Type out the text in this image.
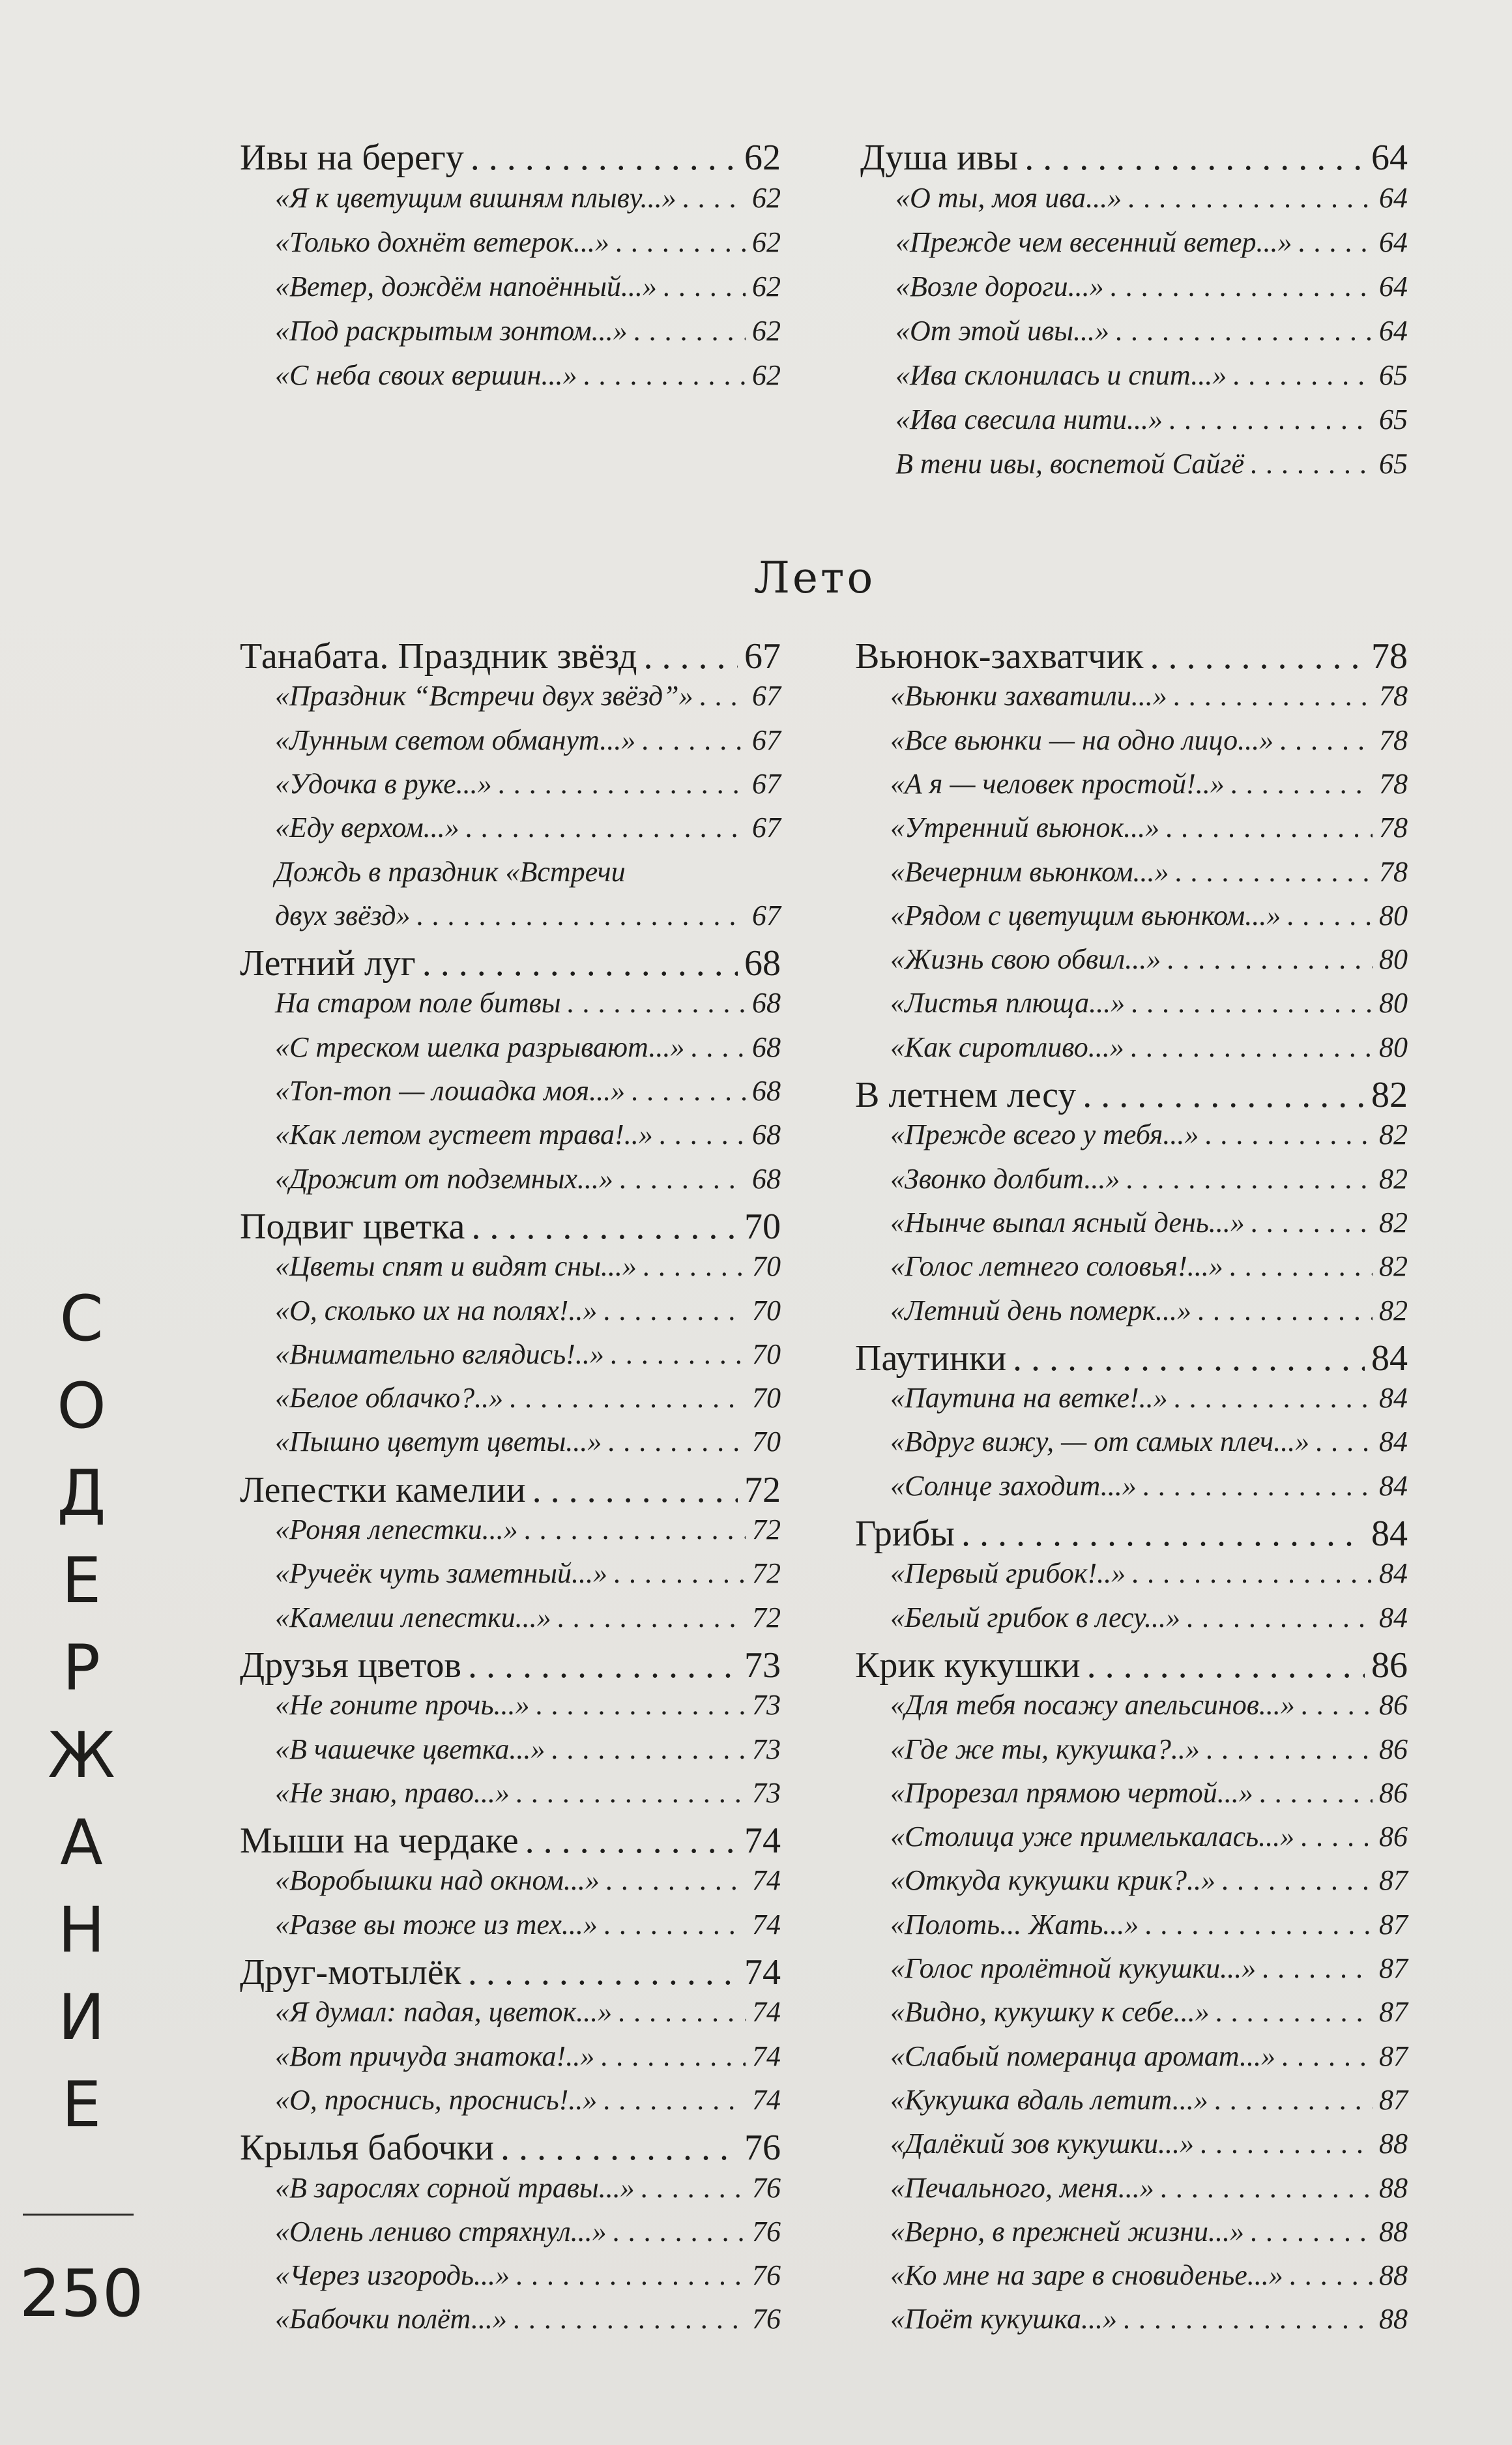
Ивы на берегу . . .	62
«Я к цветущим вишням плыву...» . . .	62
«Только дохнёт ветерок...» . . .	62
«Ветер, дождём напоённый...» . . .	62
«Под раскрытым зонтом...» . . .	62
«С неба своих вершин...» . . .	62
Душа ивы . . .	64
«О ты, моя ива...» . . .	64
«Прежде чем весенний ветер...» . . .	64
«Возле дороги...» . . .	64
«От этой ивы...» . . .	64
«Ива склонилась и спит...» . . .	65
«Ива свесила нити...» . . .	65
В тени ивы, воспетой Сайгё . . .	65
Лето
Танабата. Праздник звёзд . . .	67
«Праздник “Встречи двух звёзд”» . . . 67
«Лунным светом обманут...» . . .	67
«Удочка в руке...» . . .	67
«Еду верхом...» . . .	67
Дождь в праздник «Встречи
двух звёзд» . . .	67
Летний луг . . .	68
На старом поле битвы . . .	68
«С треском шелка разрывают...» . . . 68
«Топ-топ — лошадка моя...» . . .	68
«Как летом густеет трава!..» . . .	68
«Дрожит от подземных...» . . .	68
Подвиг цветка . . .	70
«Цветы спят и видят сны...» . . .	70
«О, сколько их на полях!..» . . .	70
«Внимательно вглядись!..» . . .	70
«Белое облачко?..» . . .	70
«Пышно цветут цветы...» . . .	70
Лепестки камелии . . .	72
«Роняя лепестки...» . . .	72
«Ручеёк чуть заметный...» . . .	72
«Камелии лепестки...» . . .	72
Друзья цветов . . .	73
«Не гоните прочь...» . . .	73
«В чашечке цветка...» . . .	73
«Не знаю, право...» . . .	73
Мыши на чердаке . . .	74
«Воробышки над окном...» . . .	74
«Разве вы тоже из тех...» . . .	74
Друг-мотылёк . . .	74
«Я думал: падая, цветок...» . . .	74
«Вот причуда знатока!..» . . .	74
«О, проснись, проснись!..» . . .	74
Крылья бабочки . . .	76
«В зарослях сорной травы...» . . .	76
«Олень лениво стряхнул...» . . .	76
«Через изгородь...» . . .	76
«Бабочки полёт...» . . .	76
Вьюнок-захватчик . . .	78
«Вьюнки захватили...» . . .	78
«Все вьюнки — на одно лицо...» . . .	78
«А я — человек простой!..» . . .	78
«Утренний вьюнок...» . . .	78
«Вечерним вьюнком...» . . .	78
«Рядом с цветущим вьюнком...» . . .	80
«Жизнь свою обвил...» . . .	80
«Листья плюща...» . . .	80
«Как сиротливо...» . . .	80
В летнем лесу . . .	82
«Прежде всего у тебя...» . . .	82
«Звонко долбит...» . . .	82
«Нынче выпал ясный день...» . . .	82
«Голос летнего соловья!...» . . .	82
«Летний день померк...» . . .	82
Паутинки . . .	84
«Паутина на ветке!..» . . .	84
«Вдруг вижу, — от самых плеч...» . . . 84
«Солнце заходит...» . . .	84
Грибы . . .	84
«Первый грибок!..» . . .	84
«Белый грибок в лесу...» . . .	84
Крик кукушки . . .	86
«Для тебя посажу апельсинов...» . . .	86
«Где же ты, кукушка?..» . . .	86
«Прорезал прямою чертой...» . . .	86
«Столица уже примелькалась...» . . .	86
«Откуда кукушки крик?..» . . .	87
«Полоть... Жать...» . . .	87
«Голос пролётной кукушки...» . . .	87
«Видно, кукушку к себе...» . . .	87
«Слабый померанца аромат...» . . .	87
«Кукушка вдаль летит...» . . .	87
«Далёкий зов кукушки...» . . .	88
«Печального, меня...» . . .	88
«Верно, в прежней жизни...» . . .	88
«Ко мне на заре в сновиденье...» . . .	88
«Поёт кукушка...» . . .	88
С
О
Д
Е
Р
Ж
А
Н
И
Е
250
